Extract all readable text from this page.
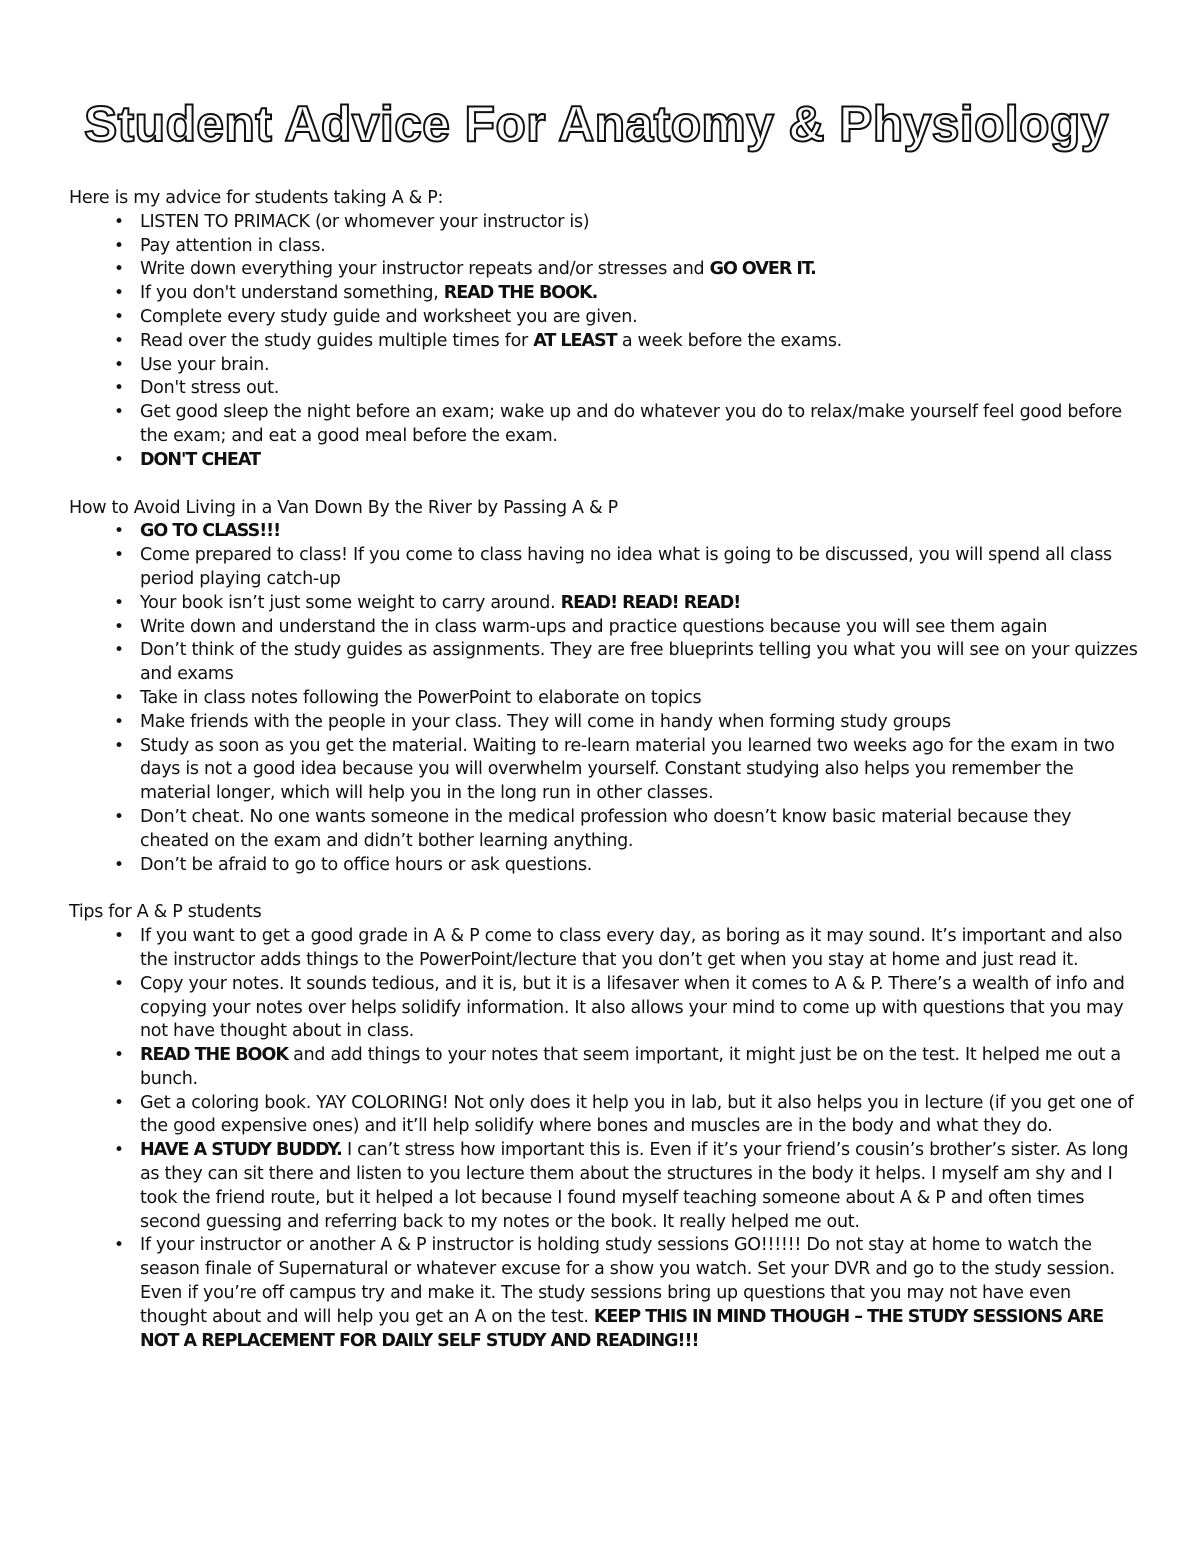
Student Advice For Anatomy & Physiology

Here is my advice for students taking A & P:

• LISTEN TO PRIMACK (or whomever your instructor is)
• Pay attention in class.
• Write down everything your instructor repeats and/or stresses and GO OVER IT.
• If you don't understand something, READ THE BOOK.
• Complete every study guide and worksheet you are given.
• Read over the study guides multiple times for AT LEAST a week before the exams.
• Use your brain.
• Don't stress out.
• Get good sleep the night before an exam; wake up and do whatever you do to relax/make yourself feel good before the exam; and eat a good meal before the exam.
• DON'T CHEAT

How to Avoid Living in a Van Down By the River by Passing A & P

• GO TO CLASS!!!
• Come prepared to class! If you come to class having no idea what is going to be discussed, you will spend all class period playing catch-up
• Your book isn’t just some weight to carry around. READ! READ! READ!
• Write down and understand the in class warm-ups and practice questions because you will see them again
• Don’t think of the study guides as assignments. They are free blueprints telling you what you will see on your quizzes and exams
• Take in class notes following the PowerPoint to elaborate on topics
• Make friends with the people in your class. They will come in handy when forming study groups
• Study as soon as you get the material. Waiting to re-learn material you learned two weeks ago for the exam in two days is not a good idea because you will overwhelm yourself. Constant studying also helps you remember the material longer, which will help you in the long run in other classes.
• Don’t cheat. No one wants someone in the medical profession who doesn’t know basic material because they cheated on the exam and didn’t bother learning anything.
• Don’t be afraid to go to office hours or ask questions.

Tips for A & P students

• If you want to get a good grade in A & P come to class every day, as boring as it may sound. It’s important and also the instructor adds things to the PowerPoint/lecture that you don’t get when you stay at home and just read it.
• Copy your notes. It sounds tedious, and it is, but it is a lifesaver when it comes to A & P. There’s a wealth of info and copying your notes over helps solidify information. It also allows your mind to come up with questions that you may not have thought about in class.
• READ THE BOOK and add things to your notes that seem important, it might just be on the test. It helped me out a bunch.
• Get a coloring book. YAY COLORING! Not only does it help you in lab, but it also helps you in lecture (if you get one of the good expensive ones) and it’ll help solidify where bones and muscles are in the body and what they do.
• HAVE A STUDY BUDDY. I can’t stress how important this is. Even if it’s your friend’s cousin’s brother’s sister. As long as they can sit there and listen to you lecture them about the structures in the body it helps. I myself am shy and I took the friend route, but it helped a lot because I found myself teaching someone about A & P and often times second guessing and referring back to my notes or the book. It really helped me out.
• If your instructor or another A & P instructor is holding study sessions GO!!!!!! Do not stay at home to watch the season finale of Supernatural or whatever excuse for a show you watch. Set your DVR and go to the study session. Even if you’re off campus try and make it. The study sessions bring up questions that you may not have even thought about and will help you get an A on the test. KEEP THIS IN MIND THOUGH – THE STUDY SESSIONS ARE NOT A REPLACEMENT FOR DAILY SELF STUDY AND READING!!!
